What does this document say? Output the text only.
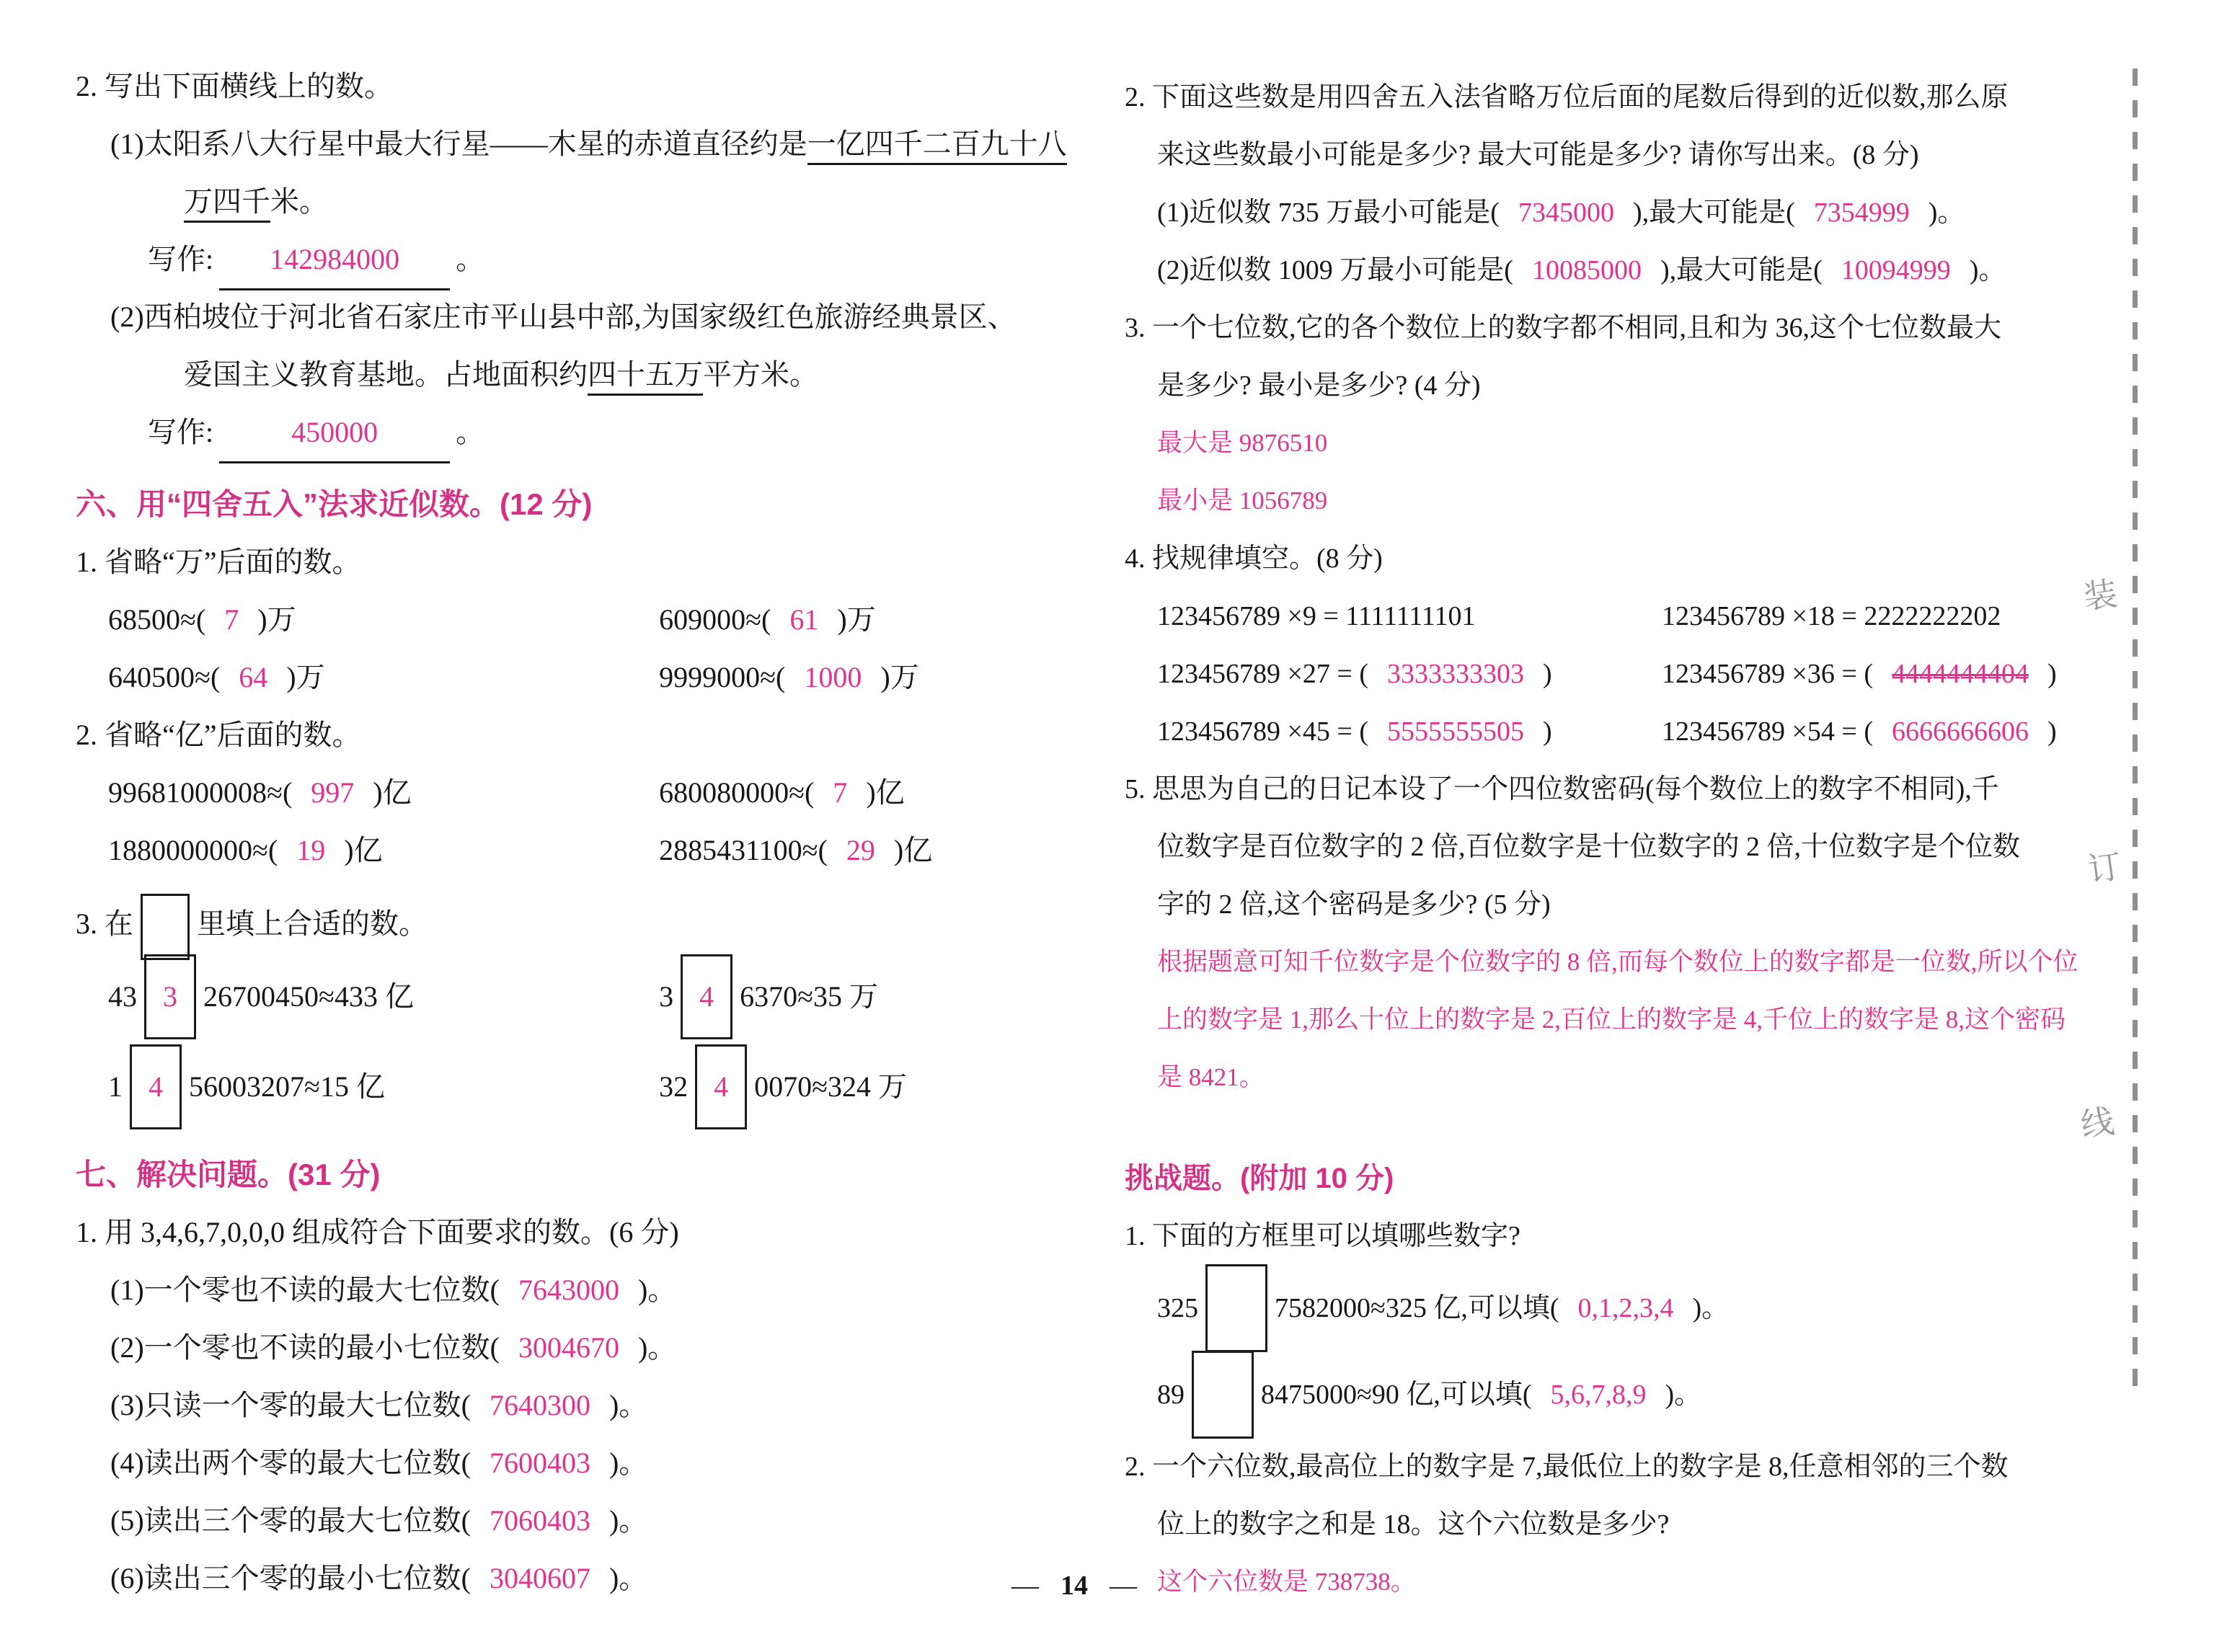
2. 写出下面横线上的数。
(1)太阳系八大行星中最大行星——木星的赤道直径约是一亿四千二百九十八
万四千米。
写作: 142984000 。
(2)西柏坡位于河北省石家庄市平山县中部,为国家级红色旅游经典景区、
爱国主义教育基地。占地面积约四十五万平方米。
写作:	450000	。
六、用“四舍五入”法求近似数。(12 分)
1. 省略“万”后面的数。
68500≈( 7 )万	609000≈( 61 )万
640500≈( 64 )万	9999000≈( 1000 )万
2. 省略“亿”后面的数。
99681000008≈( 997 )亿	680080000≈( 7 )亿
1880000000≈( 19 )亿	2885431100≈( 29 )亿
3. 在 里填上合适的数。
43 3 26700450≈433 亿	3 4 6370≈35 万
1 4 56003207≈15 亿	32 4 0070≈324 万
七、解决问题。(31 分)
1. 用 3,4,6,7,0,0,0 组成符合下面要求的数。(6 分)
(1)一个零也不读的最大七位数( 7643000 )。
(2)一个零也不读的最小七位数( 3004670 )。
(3)只读一个零的最大七位数( 7640300 )。
(4)读出两个零的最大七位数( 7600403 )。
(5)读出三个零的最大七位数( 7060403 )。
(6)读出三个零的最小七位数( 3040607 )。
2. 下面这些数是用四舍五入法省略万位后面的尾数后得到的近似数,那么原
来这些数最小可能是多少? 最大可能是多少? 请你写出来。(8 分)
(1)近似数 735 万最小可能是( 7345000 ),最大可能是( 7354999 )。
(2)近似数 1009 万最小可能是( 10085000 ),最大可能是( 10094999 )。
3. 一个七位数,它的各个数位上的数字都不相同,且和为 36,这个七位数最大
是多少? 最小是多少? (4 分)
最大是 9876510
最小是 1056789
4. 找规律填空。(8 分)
123456789 ×9 = 1111111101	123456789 ×18 = 2222222202
123456789 ×27 = ( 3333333303 )	123456789 ×36 = ( 4444444404 )
123456789 ×45 = ( 5555555505 )	123456789 ×54 = ( 6666666606 )
5. 思思为自己的日记本设了一个四位数密码(每个数位上的数字不相同),千
位数字是百位数字的 2 倍,百位数字是十位数字的 2 倍,十位数字是个位数
字的 2 倍,这个密码是多少? (5 分)
根据题意可知千位数字是个位数字的 8 倍,而每个数位上的数字都是一位数,所以个位
上的数字是 1,那么十位上的数字是 2,百位上的数字是 4,千位上的数字是 8,这个密码
是 8421。
挑战题。(附加 10 分)
1. 下面的方框里可以填哪些数字?
325	7582000≈325 亿,可以填( 0,1,2,3,4 )。
89	8475000≈90 亿,可以填( 5,6,7,8,9 )。
2. 一个六位数,最高位上的数字是 7,最低位上的数字是 8,任意相邻的三个数
位上的数字之和是 18。这个六位数是多少?
这个六位数是 738738。
装
订
线
— 14 —
